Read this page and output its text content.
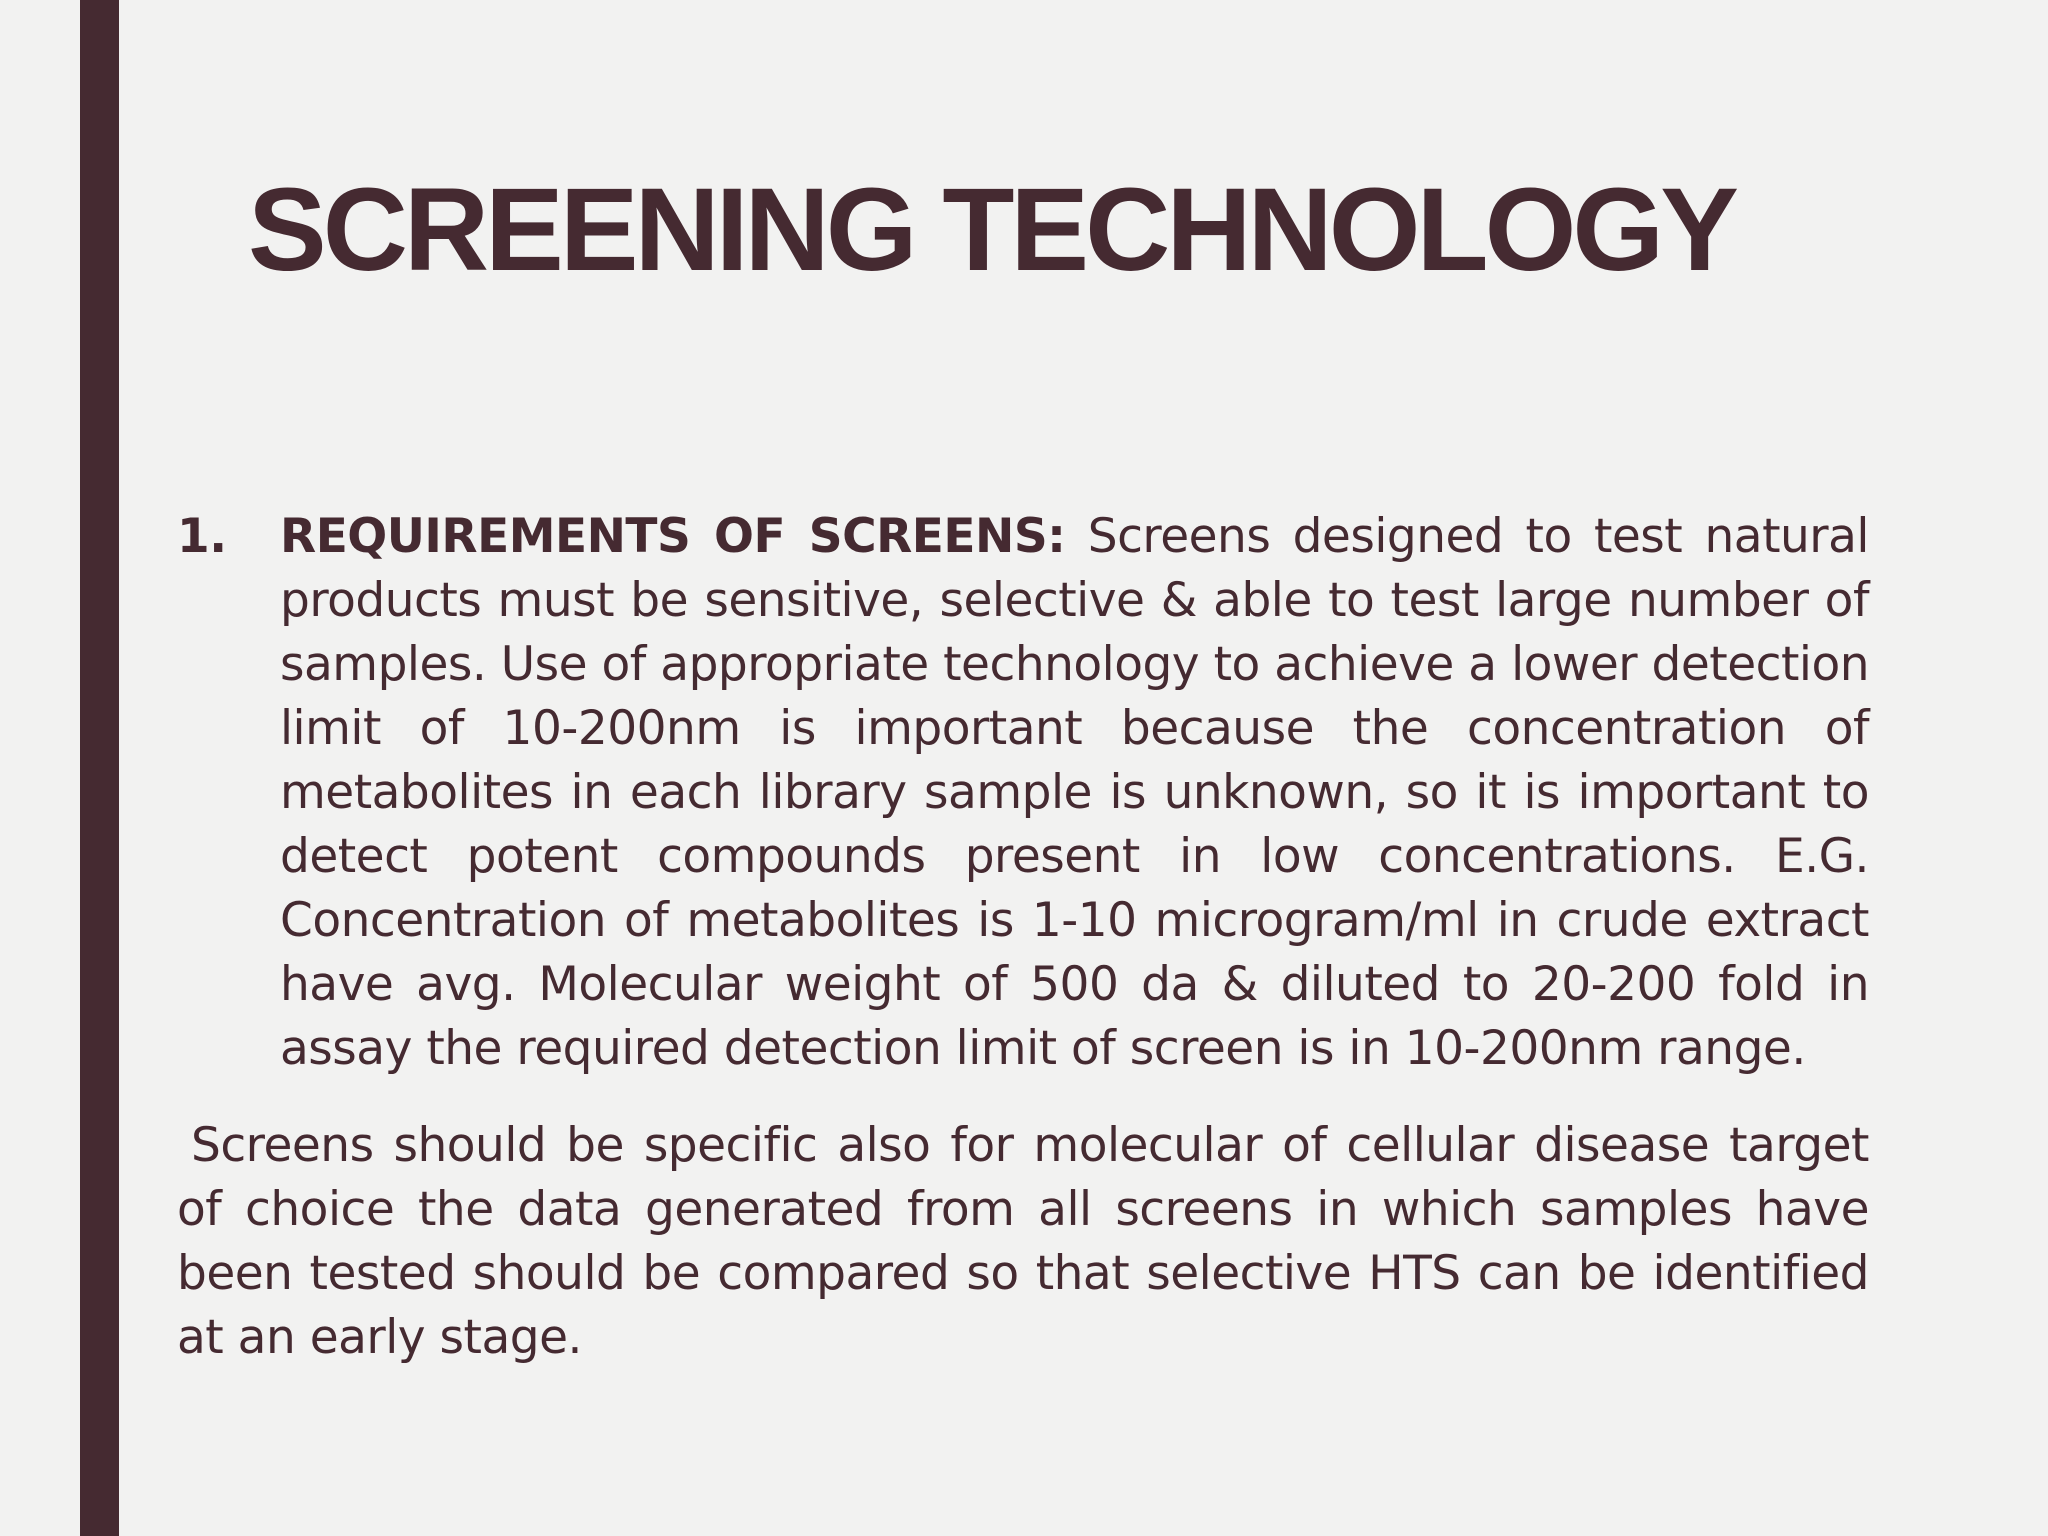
SCREENING TECHNOLOGY
1.	REQUIREMENTS OF SCREENS: Screens designed to test natural products must be sensitive, selective & able to test large number of samples. Use of appropriate technology to achieve a lower detection limit of 10-200nm is important because the concentration of metabolites in each library sample is unknown, so it is important to detect potent compounds present in low concentrations. E.G. Concentration of metabolites is 1-10 microgram/ml in crude extract have avg. Molecular weight of 500 da & diluted to 20-200 fold in assay the required detection limit of screen is in 10-200nm range.

Screens should be specific also for molecular of cellular disease target of choice the data generated from all screens in which samples have been tested should be compared so that selective HTS can be identified at an early stage.
